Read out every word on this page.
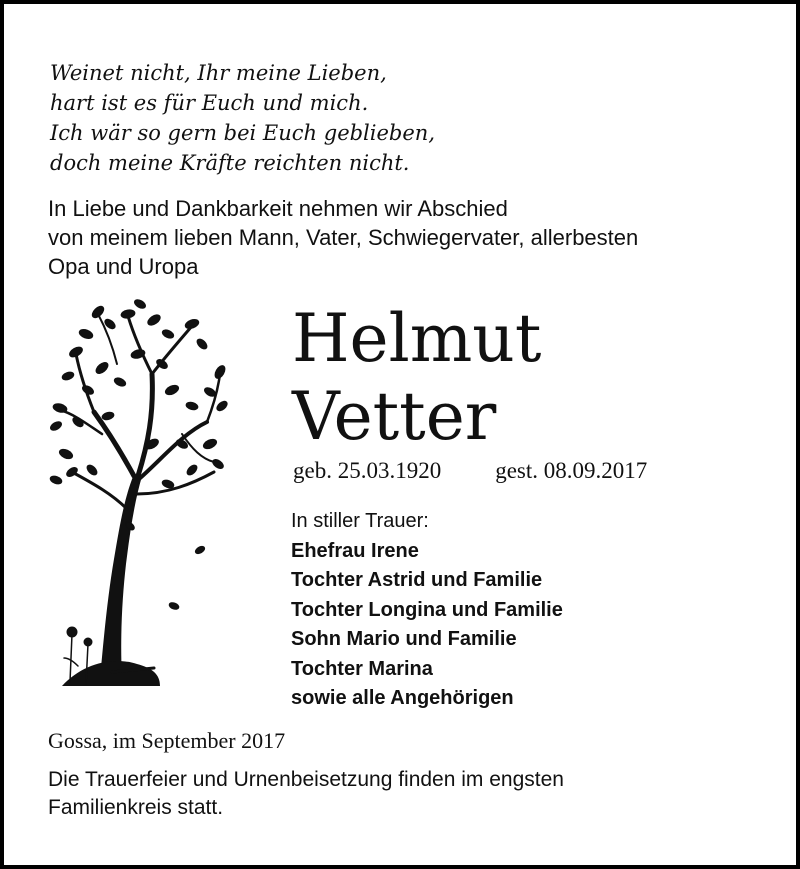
Weinet nicht, Ihr meine Lieben,
hart ist es für Euch und mich.
Ich wär so gern bei Euch geblieben,
doch meine Kräfte reichten nicht.
In Liebe und Dankbarkeit nehmen wir Abschied
von meinem lieben Mann, Vater, Schwiegervater, allerbesten
Opa und Uropa
Helmut
Vetter
geb. 25.03.1920 gest. 08.09.2017
In stiller Trauer:
Ehefrau Irene
Tochter Astrid und Familie
Tochter Longina und Familie
Sohn Mario und Familie
Tochter Marina
sowie alle Angehörigen
Gossa, im September 2017
Die Trauerfeier und Urnenbeisetzung finden im engsten
Familienkreis statt.
